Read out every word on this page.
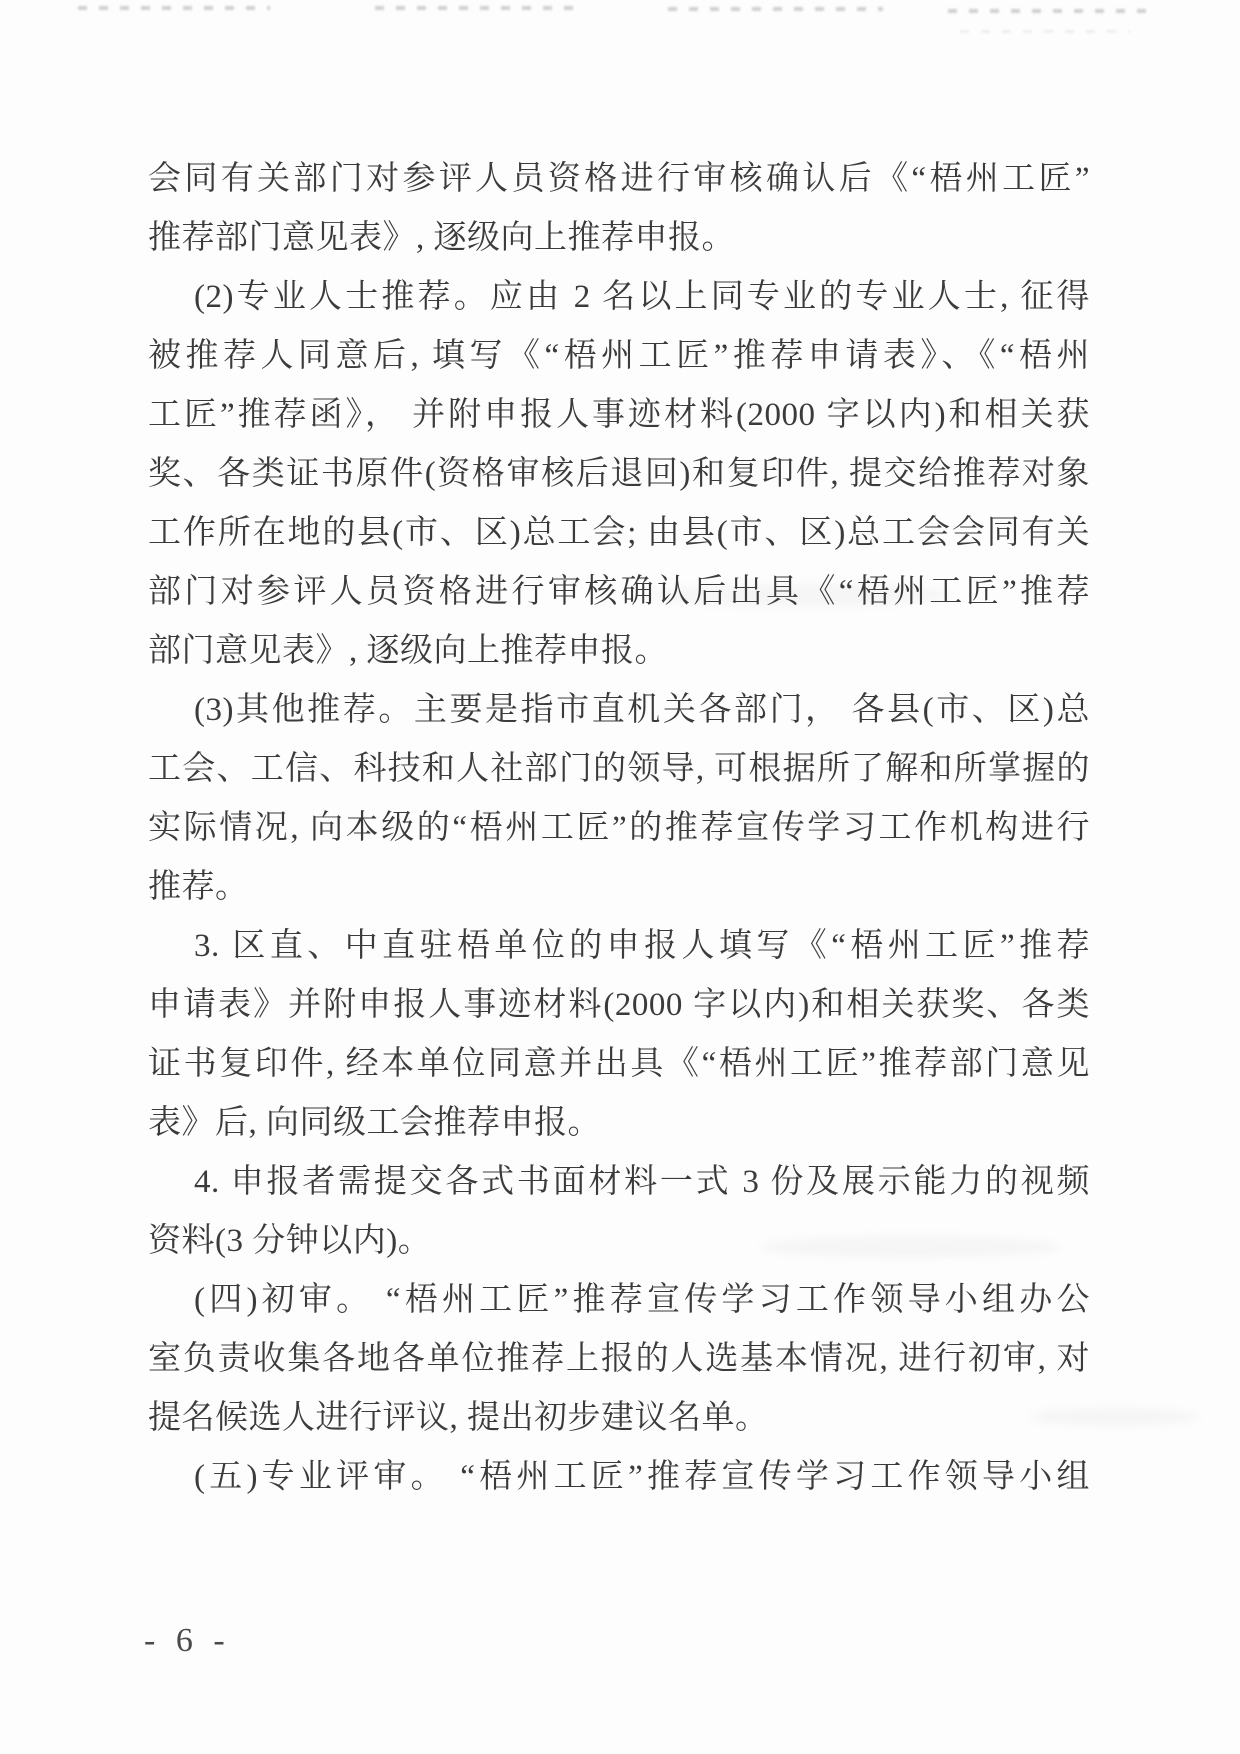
会同有关部门对参评人员资格进行审核确认后《“梧州工匠”
推荐部门意见表》, 逐级向上推荐申报。
(2)专业人士推荐。应由 2 名以上同专业的专业人士, 征得
被推荐人同意后, 填写《“梧州工匠”推荐申请表》、《“梧州
工匠”推荐函》， 并附申报人事迹材料(2000 字以内)和相关获
奖、各类证书原件(资格审核后退回)和复印件, 提交给推荐对象
工作所在地的县(市、区)总工会; 由县(市、区)总工会会同有关
部门对参评人员资格进行审核确认后出具《“梧州工匠”推荐
部门意见表》, 逐级向上推荐申报。
(3)其他推荐。主要是指市直机关各部门， 各县(市、区)总
工会、工信、科技和人社部门的领导, 可根据所了解和所掌握的
实际情况, 向本级的“梧州工匠”的推荐宣传学习工作机构进行
推荐。
3. 区直、中直驻梧单位的申报人填写《“梧州工匠”推荐
申请表》并附申报人事迹材料(2000 字以内)和相关获奖、各类
证书复印件, 经本单位同意并出具《“梧州工匠”推荐部门意见
表》后, 向同级工会推荐申报。
4. 申报者需提交各式书面材料一式 3 份及展示能力的视频
资料(3 分钟以内)。
(四)初审。 “梧州工匠”推荐宣传学习工作领导小组办公
室负责收集各地各单位推荐上报的人选基本情况, 进行初审, 对
提名候选人进行评议, 提出初步建议名单。
(五)专业评审。 “梧州工匠”推荐宣传学习工作领导小组
- 6 -
